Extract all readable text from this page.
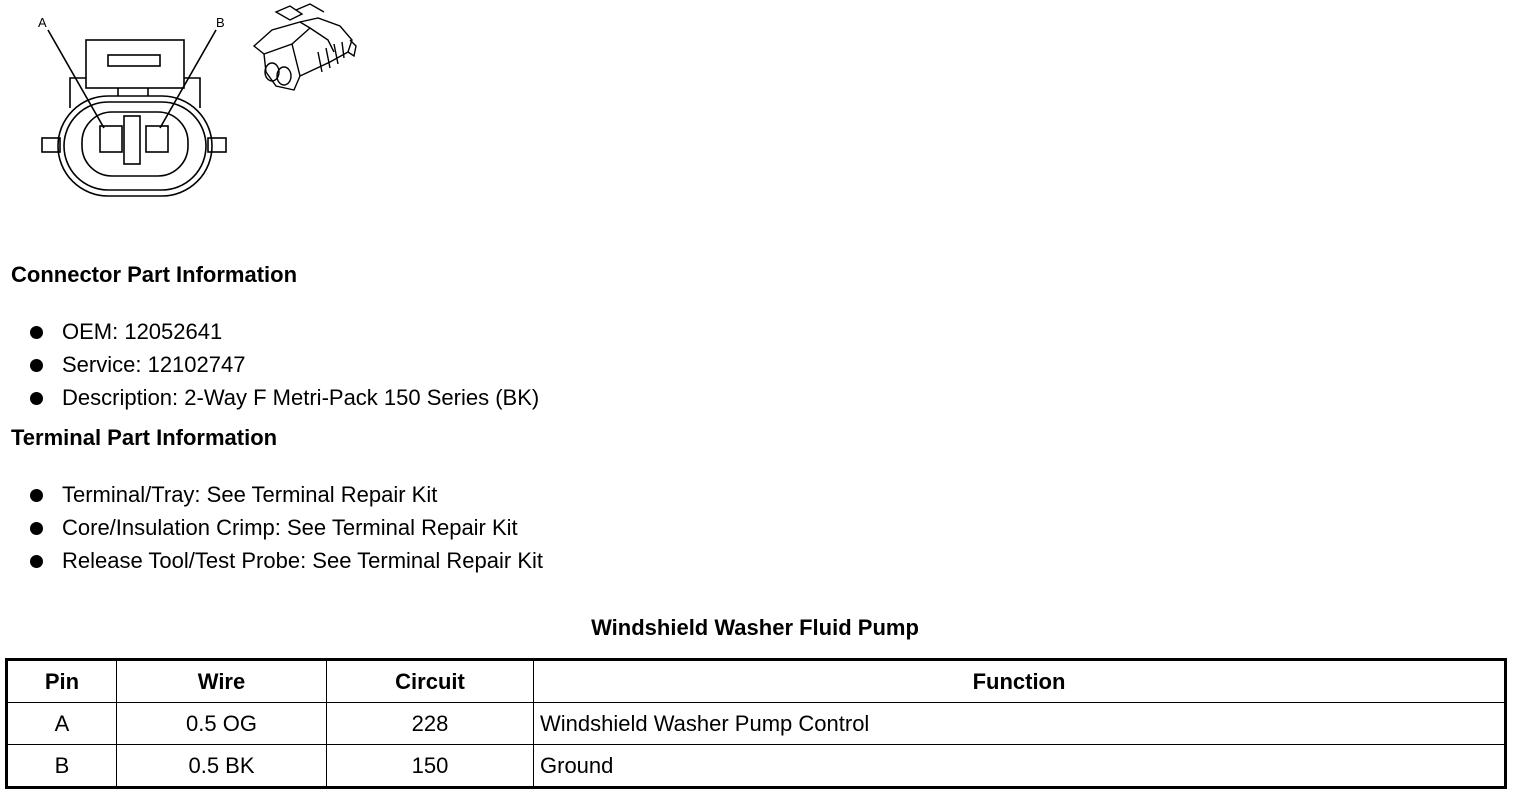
A	B
Connector Part Information
OEM: 12052641
Service: 12102747
Description: 2-Way F Metri-Pack 150 Series (BK)
Terminal Part Information
Terminal/Tray: See Terminal Repair Kit
Core/Insulation Crimp: See Terminal Repair Kit
Release Tool/Test Probe: See Terminal Repair Kit
Windshield Washer Fluid Pump
Pin	Wire	Circuit	Function
A	0.5 OG	228	Windshield Washer Pump Control
B	0.5 BK	150	Ground
